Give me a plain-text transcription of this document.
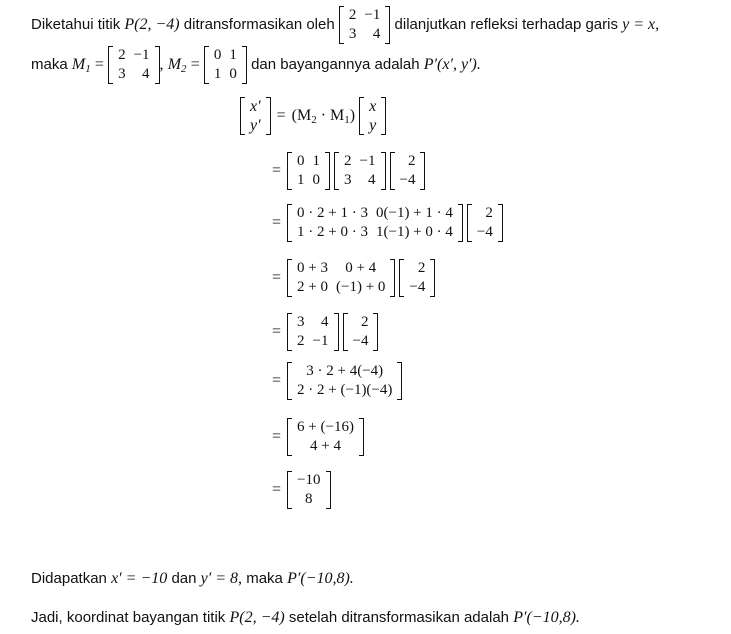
Diketahui titik P(2, −4) ditransformasikan oleh
2	−1
3	4
dilanjutkan refleksi terhadap garis y = x,
maka M1 =
2	−1
3	4
, M2 =
0	1
1	0
dan bayangannya adalah P′(x′, y′).
x′
y′
= (M2 · M1) x
y
=
0	1
1	0
2	−1
3	4
2
−4
=
0 · 2 + 1 · 3	0(−1) + 1 · 4
1 · 2 + 0 · 3	1(−1) + 0 · 4
2
−4
=
0 + 3	0 + 4
2 + 0	(−1) + 0
2
−4
=
3	4
2	−1
2
−4
=
3 · 2 + 4(−4)
2 · 2 + (−1)(−4)
=
6 + (−16)
4 + 4
=
−10
8
Didapatkan x′ = −10 dan y′ = 8, maka P′(−10,8).
Jadi, koordinat bayangan titik P(2, −4) setelah ditransformasikan adalah P′(−10,8).
